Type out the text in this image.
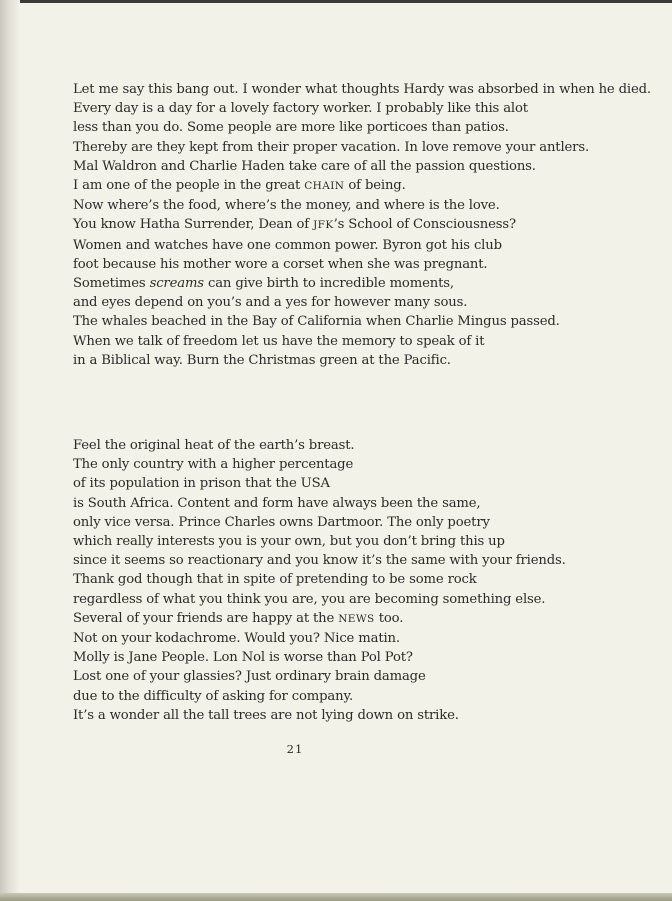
Let me say this bang out. I wonder what thoughts Hardy was absorbed in when he died.
Every day is a day for a lovely factory worker. I probably like this alot
less than you do. Some people are more like porticoes than patios.
Thereby are they kept from their proper vacation. In love remove your antlers.
Mal Waldron and Charlie Haden take care of all the passion questions.
I am one of the people in the great CHAIN of being.
Now where’s the food, where’s the money, and where is the love.
You know Hatha Surrender, Dean of JFK’s School of Consciousness?
Women and watches have one common power. Byron got his club
foot because his mother wore a corset when she was pregnant.
Sometimes screams can give birth to incredible moments,
and eyes depend on you’s and a yes for however many sous.
The whales beached in the Bay of California when Charlie Mingus passed.
When we talk of freedom let us have the memory to speak of it
in a Biblical way. Burn the Christmas green at the Pacific.
Feel the original heat of the earth’s breast.
The only country with a higher percentage
of its population in prison that the USA
is South Africa. Content and form have always been the same,
only vice versa. Prince Charles owns Dartmoor. The only poetry
which really interests you is your own, but you don’t bring this up
since it seems so reactionary and you know it’s the same with your friends.
Thank god though that in spite of pretending to be some rock
regardless of what you think you are, you are becoming something else.
Several of your friends are happy at the NEWS too.
Not on your kodachrome. Would you? Nice matin.
Molly is Jane People. Lon Nol is worse than Pol Pot?
Lost one of your glassies? Just ordinary brain damage
due to the difficulty of asking for company.
It’s a wonder all the tall trees are not lying down on strike.
21
